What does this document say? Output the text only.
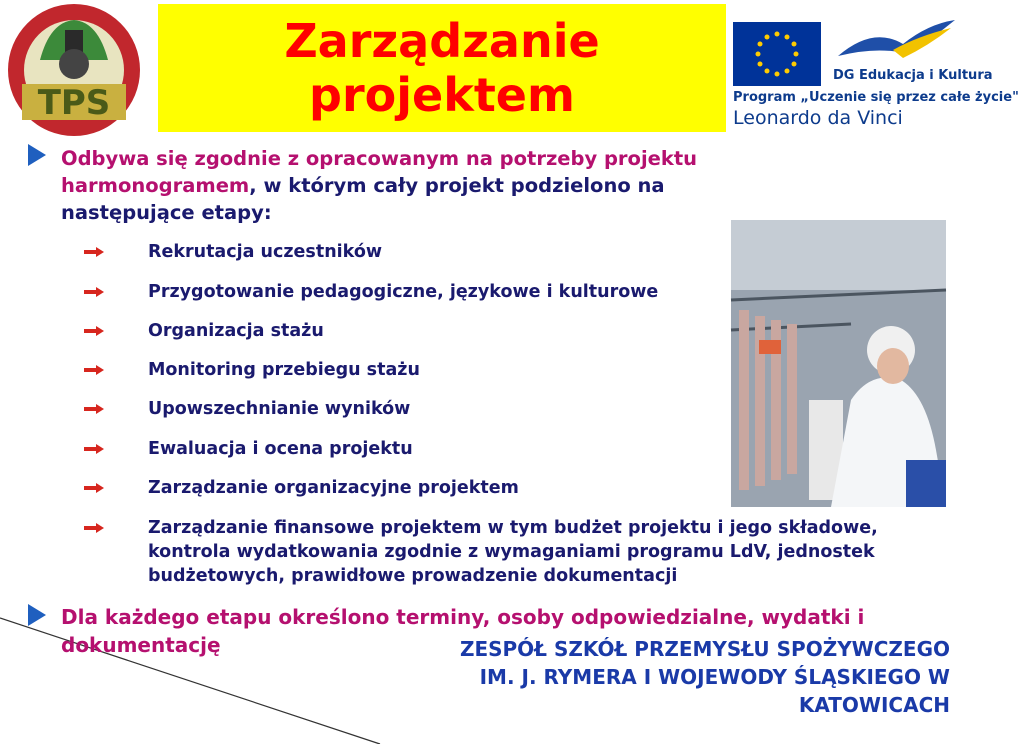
TPS
Zarządzanie
projektem	DG Edukacja i Kultura
Program „Uczenie się przez całe życie"
Leonardo da Vinci
Odbywa się zgodnie z opracowanym na potrzeby projektu harmonogramem, w którym cały projekt podzielono na następujące etapy:
Rekrutacja uczestników
Przygotowanie pedagogiczne, językowe i kulturowe
Organizacja stażu
Monitoring przebiegu stażu
Upowszechnianie wyników
Ewaluacja i ocena projektu
Zarządzanie organizacyjne projektem
Zarządzanie finansowe projektem w tym budżet projektu i jego składowe, kontrola wydatkowania zgodnie z wymaganiami programu LdV, jednostek budżetowych, prawidłowe prowadzenie dokumentacji
Dla każdego etapu określono terminy, osoby odpowiedzialne, wydatki i dokumentację	ZESPÓŁ SZKÓŁ PRZEMYSŁU SPOŻYWCZEGO
IM. J. RYMERA I WOJEWODY ŚLĄSKIEGO W
KATOWICACH
